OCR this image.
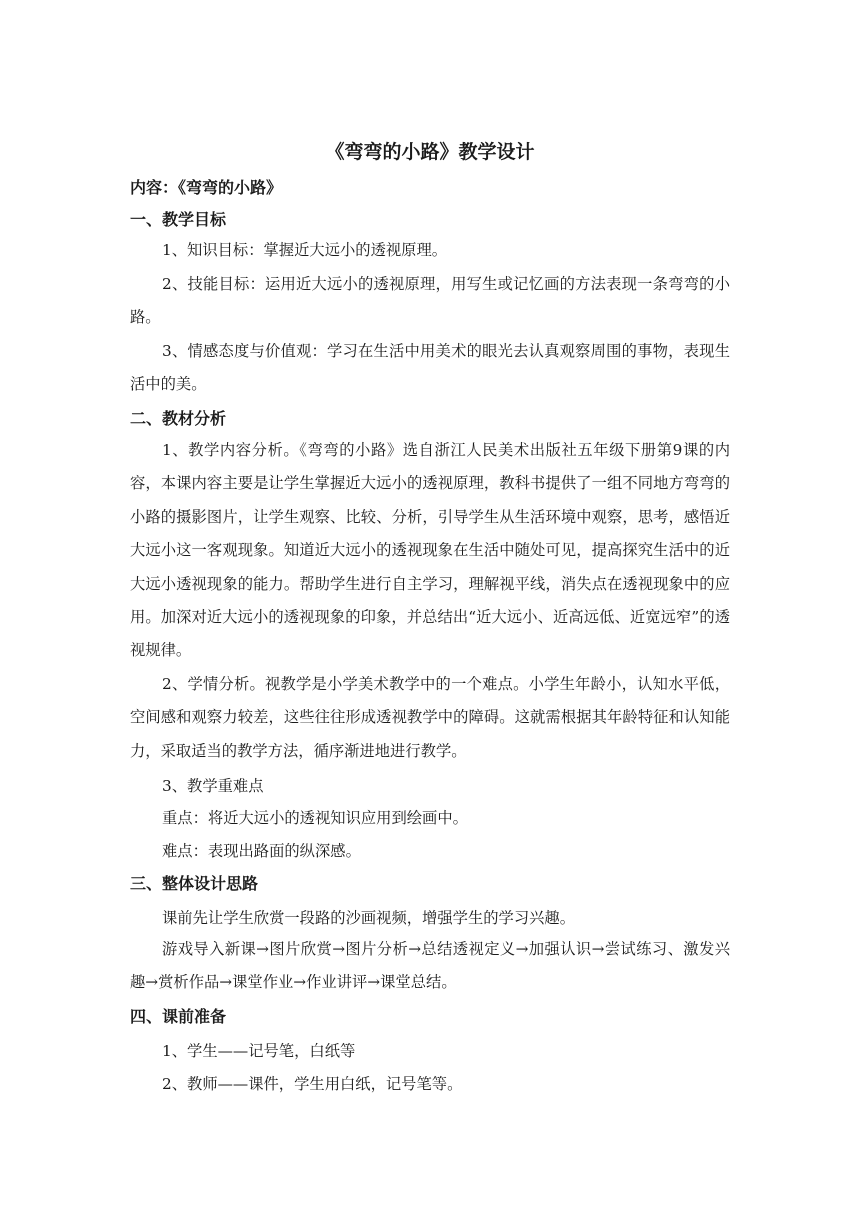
《弯弯的小路》教学设计
内容：《弯弯的小路》
一、教学目标
1、知识目标：掌握近大远小的透视原理。
2、技能目标：运用近大远小的透视原理，用写生或记忆画的方法表现一条弯弯的小路。
3、情感态度与价值观：学习在生活中用美术的眼光去认真观察周围的事物，表现生活中的美。
二、教材分析
1、教学内容分析。《弯弯的小路》选自浙江人民美术出版社五年级下册第9课的内容，本课内容主要是让学生掌握近大远小的透视原理，教科书提供了一组不同地方弯弯的小路的摄影图片，让学生观察、比较、分析，引导学生从生活环境中观察，思考，感悟近大远小这一客观现象。知道近大远小的透视现象在生活中随处可见，提高探究生活中的近大远小透视现象的能力。帮助学生进行自主学习，理解视平线，消失点在透视现象中的应用。加深对近大远小的透视现象的印象，并总结出“近大远小、近高远低、近宽远窄”的透视规律。
2、学情分析。视教学是小学美术教学中的一个难点。小学生年龄小，认知水平低，空间感和观察力较差，这些往往形成透视教学中的障碍。这就需根据其年龄特征和认知能力，采取适当的教学方法，循序渐进地进行教学。
3、教学重难点
重点：将近大远小的透视知识应用到绘画中。
难点：表现出路面的纵深感。
三、整体设计思路
课前先让学生欣赏一段路的沙画视频，增强学生的学习兴趣。
游戏导入新课→图片欣赏→图片分析→总结透视定义→加强认识→尝试练习、激发兴趣→赏析作品→课堂作业→作业讲评→课堂总结。
四、课前准备
1、学生——记号笔，白纸等
2、教师——课件，学生用白纸，记号笔等。
